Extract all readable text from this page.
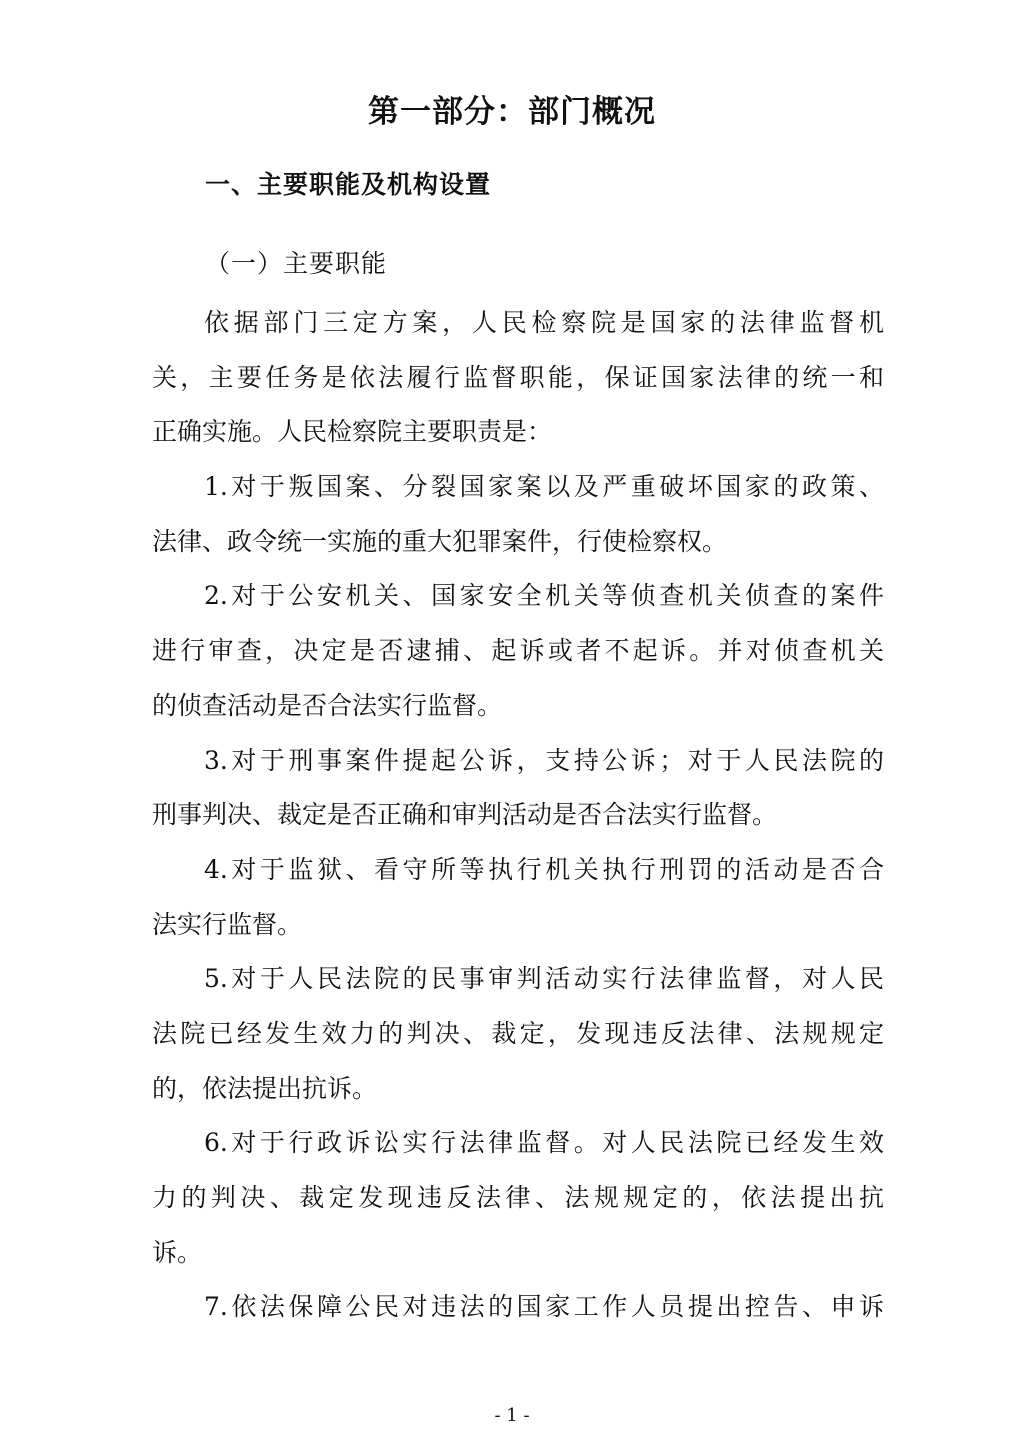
第一部分：部门概况
一、主要职能及机构设置
（一）主要职能
依据部门三定方案，人民检察院是国家的法律监督机
关，主要任务是依法履行监督职能，保证国家法律的统一和
正确实施。人民检察院主要职责是：
1.对于叛国案、分裂国家案以及严重破坏国家的政策、
法律、政令统一实施的重大犯罪案件，行使检察权。
2.对于公安机关、国家安全机关等侦查机关侦查的案件
进行审查，决定是否逮捕、起诉或者不起诉。并对侦查机关
的侦查活动是否合法实行监督。
3.对于刑事案件提起公诉，支持公诉；对于人民法院的
刑事判决、裁定是否正确和审判活动是否合法实行监督。
4.对于监狱、看守所等执行机关执行刑罚的活动是否合
法实行监督。
5.对于人民法院的民事审判活动实行法律监督，对人民
法院已经发生效力的判决、裁定，发现违反法律、法规规定
的，依法提出抗诉。
6.对于行政诉讼实行法律监督。对人民法院已经发生效
力的判决、裁定发现违反法律、法规规定的，依法提出抗
诉。
7.依法保障公民对违法的国家工作人员提出控告、申诉
- 1 -
